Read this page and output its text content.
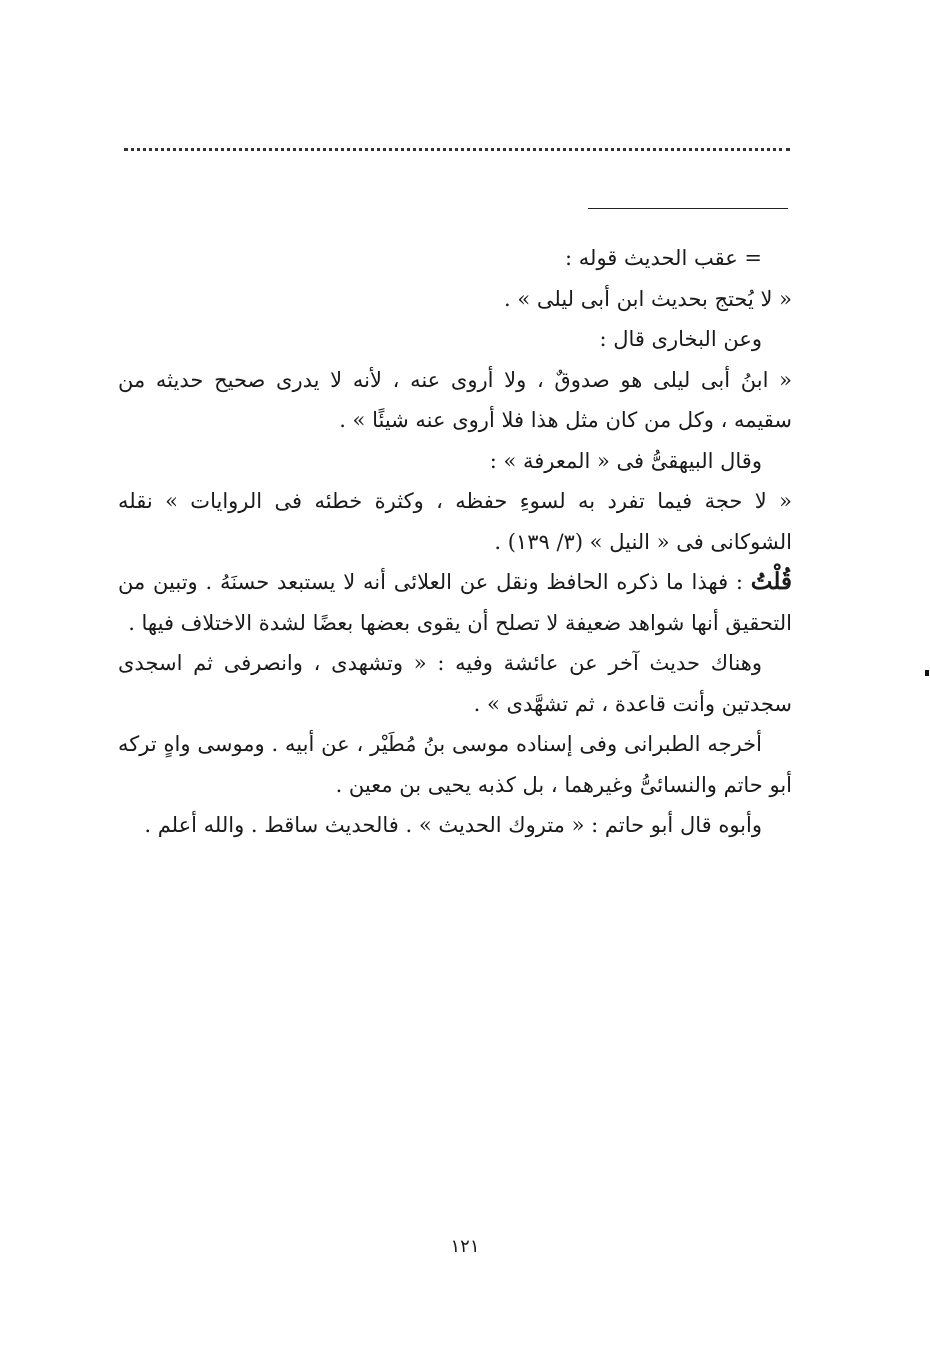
= عقب الحديث قوله :

« لا يُحتج بحديث ابن أبى ليلى » .

وعن البخارى قال :

« ابنُ أبى ليلى هو صدوقٌ ، ولا أروى عنه ، لأنه لا يدرى صحيح حديثه من سقيمه ، وكل من كان مثل هذا فلا أروى عنه شيئًا » .

وقال البيهقىُّ فى « المعرفة » :

« لا حجة فيما تفرد به لسوءِ حفظه ، وكثرة خطئه فى الروايات » نقله الشوكانى فى « النيل » (٣/ ١٣٩) .

قُلْتُ : فهذا ما ذكره الحافظ ونقل عن العلائى أنه لا يستبعد حسنَهُ . وتبين من التحقيق أنها شواهد ضعيفة لا تصلح أن يقوى بعضها بعضًا لشدة الاختلاف فيها .

وهناك حديث آخر عن عائشة وفيه : « وتشهدى ، وانصرفى ثم اسجدى سجدتين وأنت قاعدة ، ثم تشهَّدى » .

أخرجه الطبرانى وفى إسناده موسى بنُ مُطَيْر ، عن أبيه . وموسى واهٍ تركه أبو حاتم والنسائىُّ وغيرهما ، بل كذبه يحيى بن معين .

وأبوه قال أبو حاتم : « متروك الحديث » . فالحديث ساقط . والله أعلم .

١٢١
